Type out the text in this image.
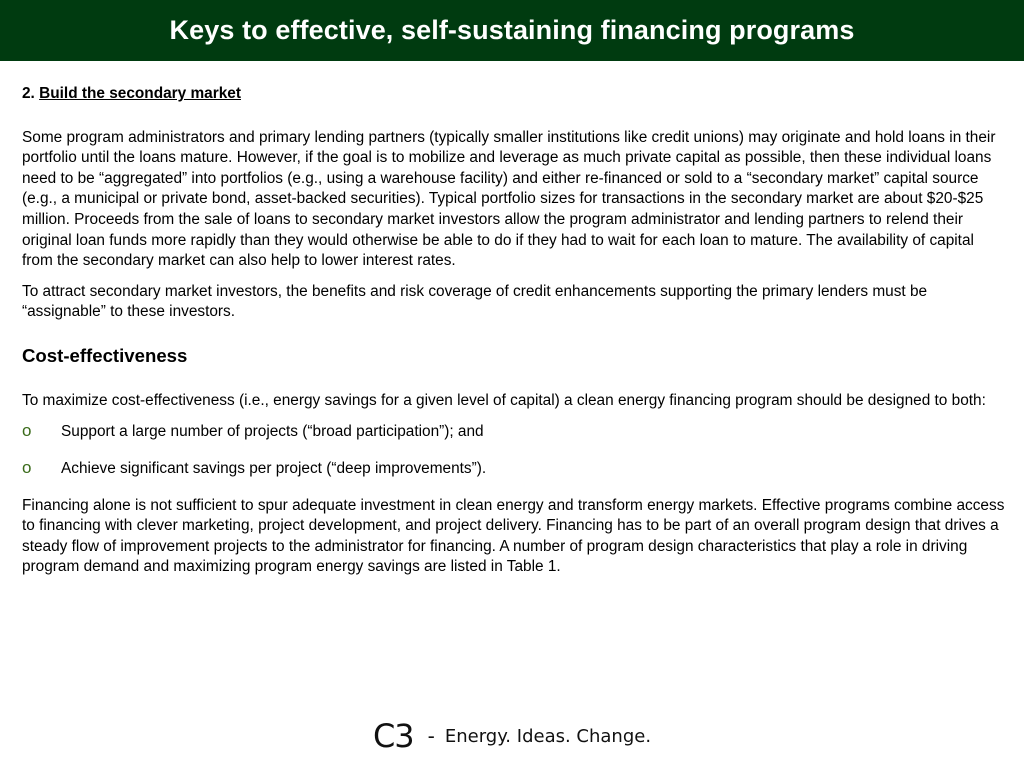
Keys to effective, self-sustaining financing programs
2. Build the secondary market

Some program administrators and primary lending partners (typically smaller institutions like credit unions) may originate and hold loans in their portfolio until the loans mature. However, if the goal is to mobilize and leverage as much private capital as possible, then these individual loans need to be “aggregated” into portfolios (e.g., using a warehouse facility) and either re-financed or sold to a “secondary market” capital source (e.g., a municipal or private bond, asset-backed securities). Typical portfolio sizes for transactions in the secondary market are about $20-$25 million. Proceeds from the sale of loans to secondary market investors allow the program administrator and lending partners to relend their original loan funds more rapidly than they would otherwise be able to do if they had to wait for each loan to mature. The availability of capital from the secondary market can also help to lower interest rates.

To attract secondary market investors, the benefits and risk coverage of credit enhancements supporting the primary lenders must be “assignable” to these investors.

Cost-effectiveness

To maximize cost-effectiveness (i.e., energy savings for a given level of capital) a clean energy financing program should be designed to both:

o	Support a large number of projects (“broad participation”); and
o	Achieve significant savings per project (“deep improvements”).

Financing alone is not sufficient to spur adequate investment in clean energy and transform energy markets. Effective programs combine access to financing with clever marketing, project development, and project delivery. Financing has to be part of an overall program design that drives a steady flow of improvement projects to the administrator for financing. A number of program design characteristics that play a role in driving program demand and maximizing program energy savings are listed in Table 1.

C3 - Energy. Ideas. Change.
